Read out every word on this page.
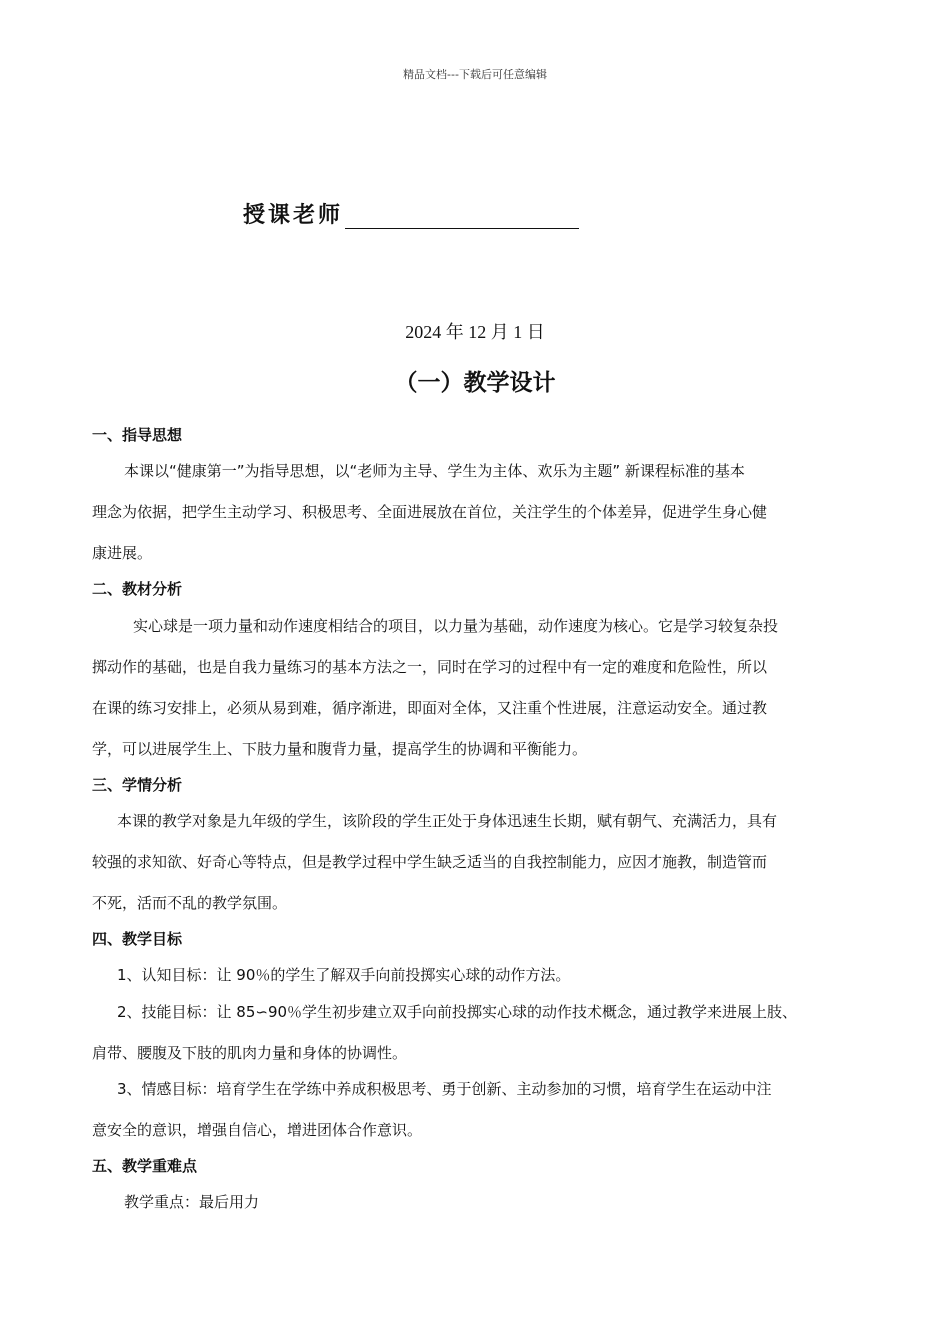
精品文档---下载后可任意编辑
授课老师
2024 年 12 月 1 日
（一）教学设计
一、指导思想
本课以“健康第一”为指导思想，以“老师为主导、学生为主体、欢乐为主题” 新课程标准的基本
理念为依据，把学生主动学习、积极思考、全面进展放在首位，关注学生的个体差异，促进学生身心健
康进展。
二、教材分析
实心球是一项力量和动作速度相结合的项目，以力量为基础，动作速度为核心。它是学习较复杂投
掷动作的基础，也是自我力量练习的基本方法之一，同时在学习的过程中有一定的难度和危险性，所以
在课的练习安排上，必须从易到难，循序渐进，即面对全体，又注重个性进展，注意运动安全。通过教
学，可以进展学生上、下肢力量和腹背力量，提高学生的协调和平衡能力。
三、学情分析
本课的教学对象是九年级的学生，该阶段的学生正处于身体迅速生长期，赋有朝气、充满活力，具有
较强的求知欲、好奇心等特点，但是教学过程中学生缺乏适当的自我控制能力，应因才施教，制造管而
不死，活而不乱的教学氛围。
四、教学目标
1、认知目标：让 90％的学生了解双手向前投掷实心球的动作方法。
2、技能目标：让 85∽90％学生初步建立双手向前投掷实心球的动作技术概念，通过教学来进展上肢、
肩带、腰腹及下肢的肌肉力量和身体的协调性。
3、情感目标：培育学生在学练中养成积极思考、勇于创新、主动参加的习惯，培育学生在运动中注
意安全的意识，增强自信心，增进团体合作意识。
五、教学重难点
教学重点：最后用力
